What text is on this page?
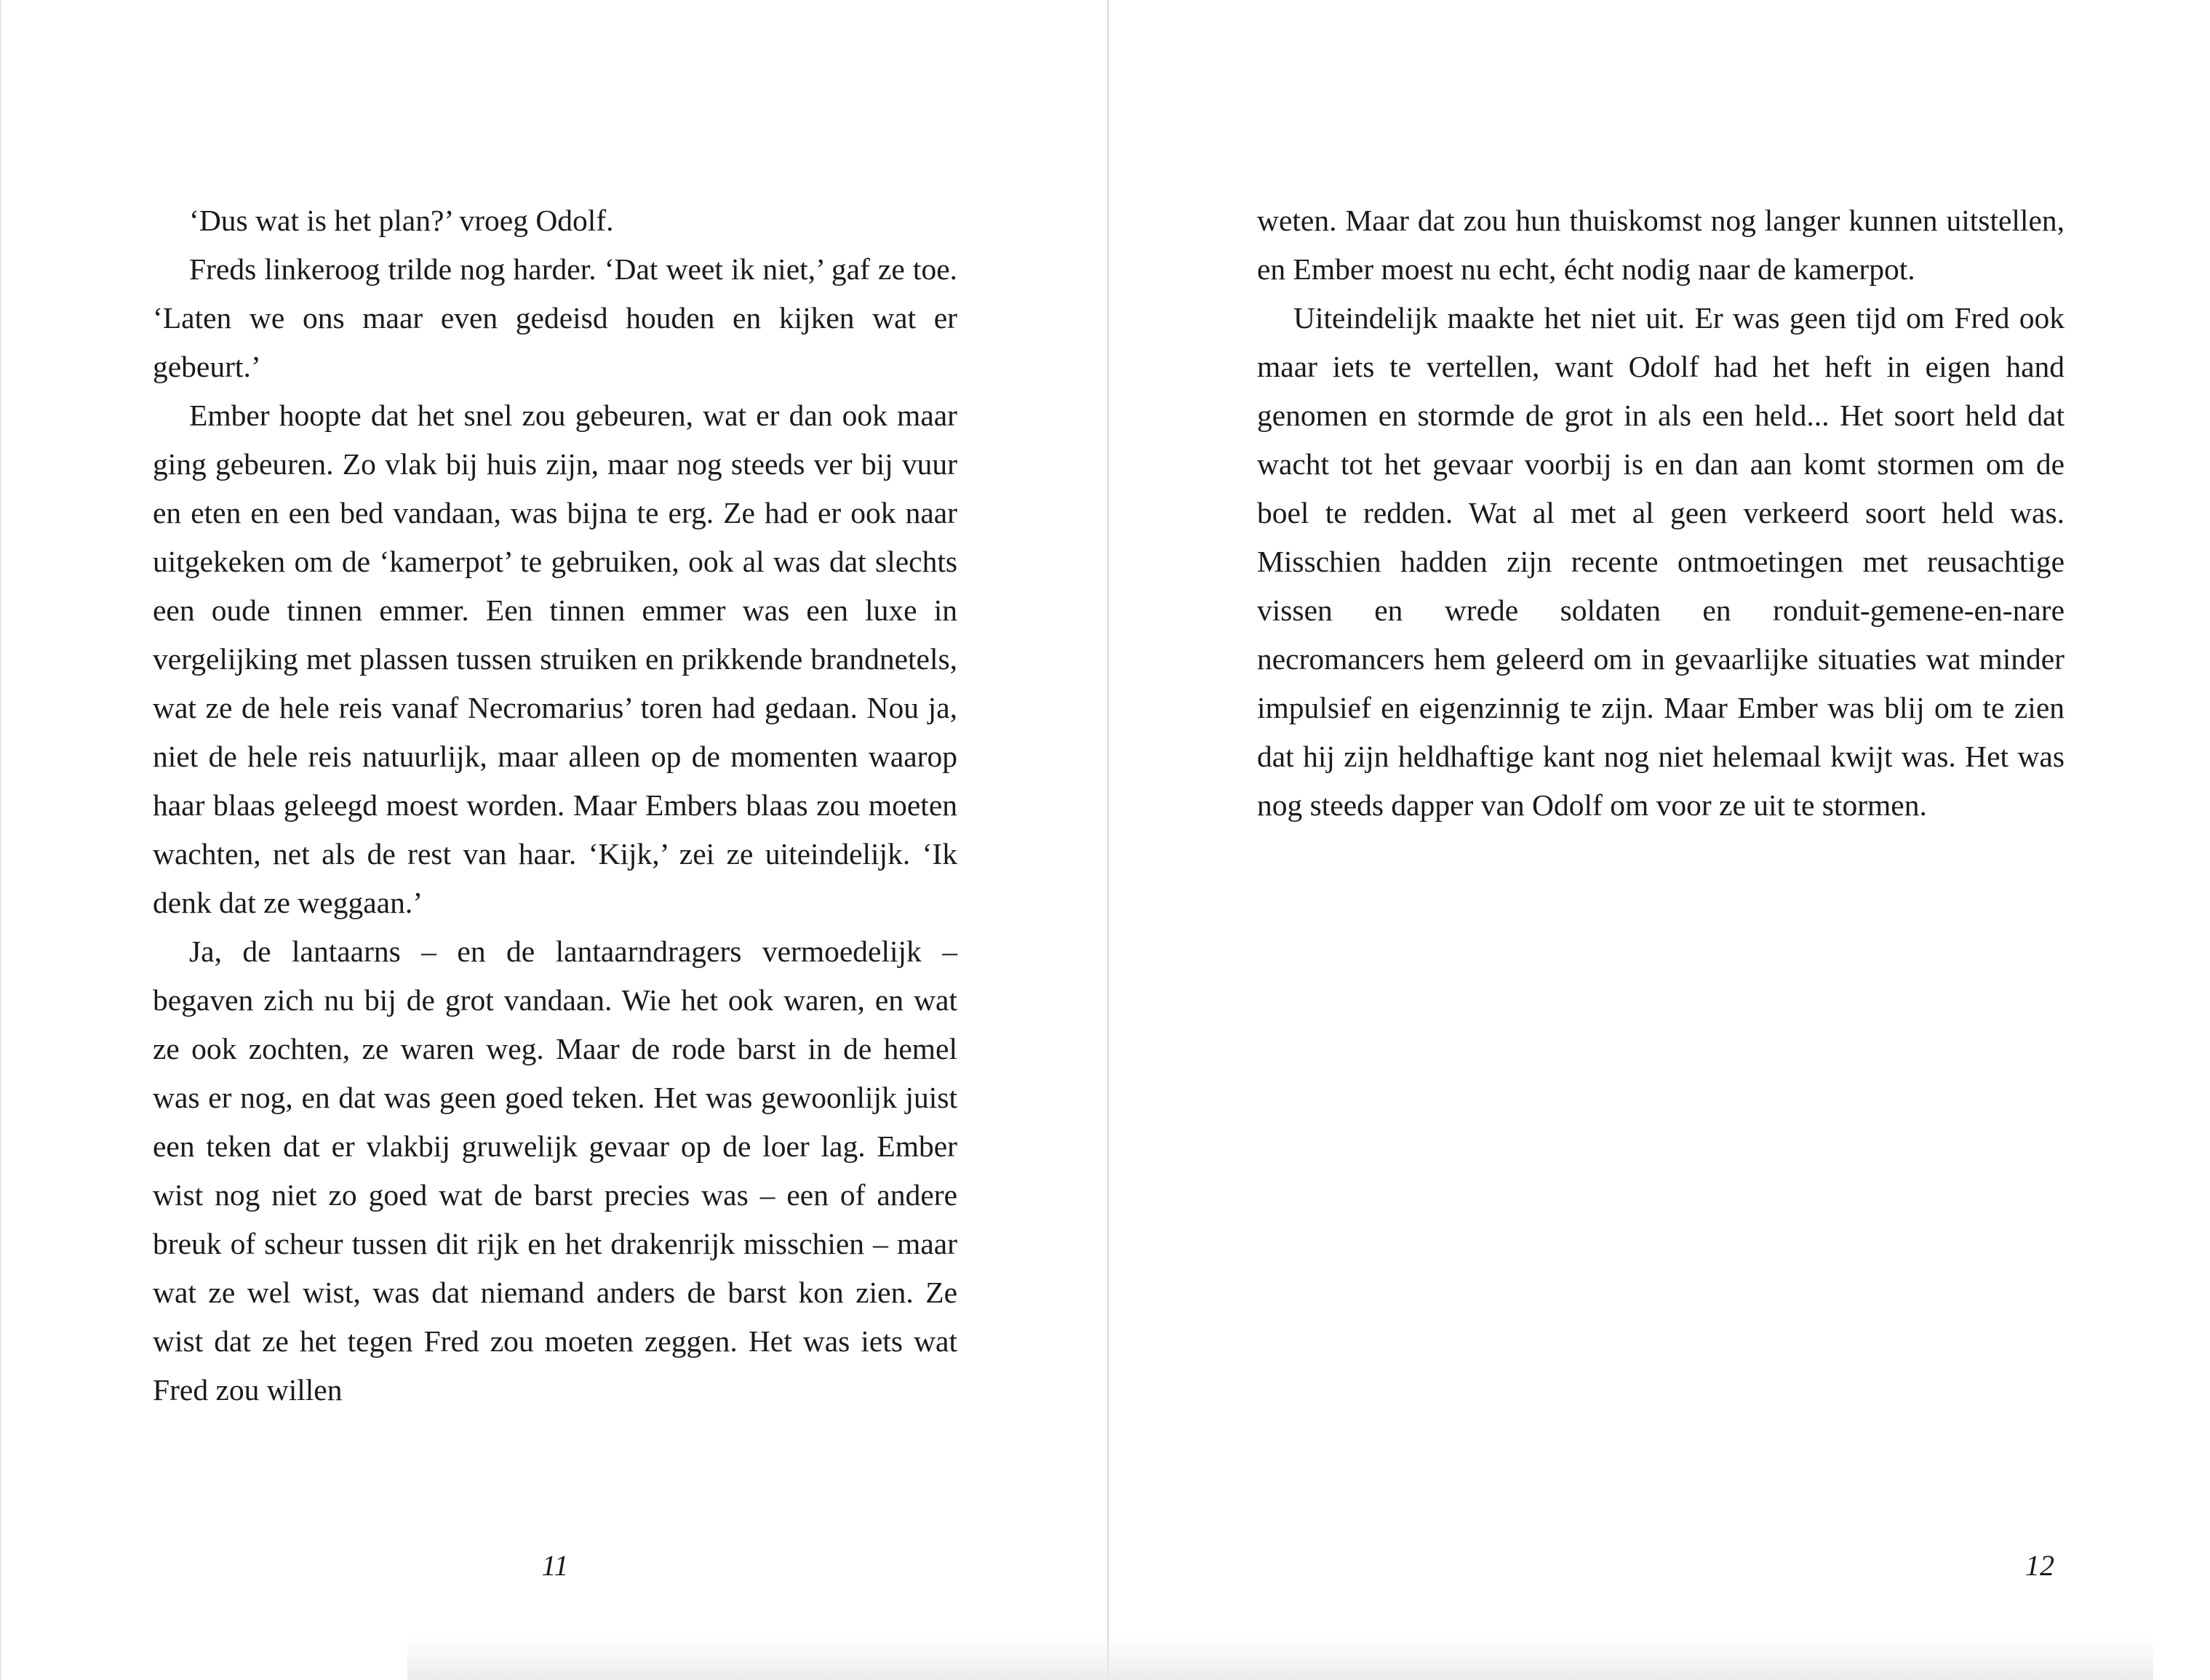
‘Dus wat is het plan?’ vroeg Odolf.

Freds linkeroog trilde nog harder. ‘Dat weet ik niet,’ gaf ze toe. ‘Laten we ons maar even gedeisd houden en kijken wat er gebeurt.’

Ember hoopte dat het snel zou gebeuren, wat er dan ook maar ging gebeuren. Zo vlak bij huis zijn, maar nog steeds ver bij vuur en eten en een bed vandaan, was bijna te erg. Ze had er ook naar uitgekeken om de ‘kamerpot’ te gebruiken, ook al was dat slechts een oude tinnen emmer. Een tinnen emmer was een luxe in vergelijking met plassen tussen struiken en prikkende brandnetels, wat ze de hele reis vanaf Necromarius’ toren had gedaan. Nou ja, niet de hele reis natuurlijk, maar alleen op de momenten waarop haar blaas geleegd moest worden. Maar Embers blaas zou moeten wachten, net als de rest van haar. ‘Kijk,’ zei ze uiteindelijk. ‘Ik denk dat ze weggaan.’

Ja, de lantaarns – en de lantaarndragers vermoedelijk – begaven zich nu bij de grot vandaan. Wie het ook waren, en wat ze ook zochten, ze waren weg. Maar de rode barst in de hemel was er nog, en dat was geen goed teken. Het was gewoonlijk juist een teken dat er vlakbij gruwelijk gevaar op de loer lag. Ember wist nog niet zo goed wat de barst precies was – een of andere breuk of scheur tussen dit rijk en het drakenrijk misschien – maar wat ze wel wist, was dat niemand anders de barst kon zien. Ze wist dat ze het tegen Fred zou moeten zeggen. Het was iets wat Fred zou willen

11

weten. Maar dat zou hun thuiskomst nog langer kunnen uitstellen, en Ember moest nu echt, écht nodig naar de kamerpot.

Uiteindelijk maakte het niet uit. Er was geen tijd om Fred ook maar iets te vertellen, want Odolf had het heft in eigen hand genomen en stormde de grot in als een held... Het soort held dat wacht tot het gevaar voorbij is en dan aan komt stormen om de boel te redden. Wat al met al geen verkeerd soort held was. Misschien hadden zijn recente ontmoetingen met reusachtige vissen en wrede soldaten en ronduit-gemene-en-nare necromancers hem geleerd om in gevaarlijke situaties wat minder impulsief en eigenzinnig te zijn. Maar Ember was blij om te zien dat hij zijn heldhaftige kant nog niet helemaal kwijt was. Het was nog steeds dapper van Odolf om voor ze uit te stormen.

12
